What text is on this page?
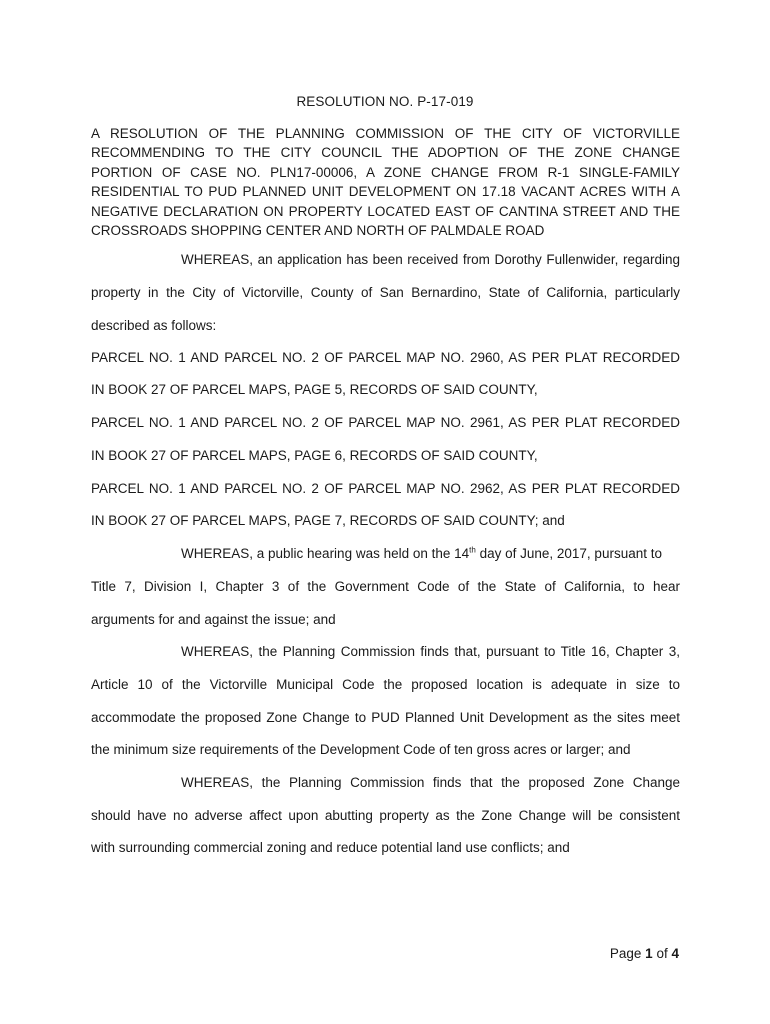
RESOLUTION NO. P-17-019
A RESOLUTION OF THE PLANNING COMMISSION OF THE CITY OF VICTORVILLE RECOMMENDING TO THE CITY COUNCIL THE ADOPTION OF THE ZONE CHANGE PORTION OF CASE NO. PLN17-00006, A ZONE CHANGE FROM R-1 SINGLE-FAMILY RESIDENTIAL TO PUD PLANNED UNIT DEVELOPMENT ON 17.18 VACANT ACRES WITH A NEGATIVE DECLARATION ON PROPERTY LOCATED EAST OF CANTINA STREET AND THE CROSSROADS SHOPPING CENTER AND NORTH OF PALMDALE ROAD
WHEREAS, an application has been received from Dorothy Fullenwider, regarding
property in the City of Victorville, County of San Bernardino, State of California, particularly
described as follows:
PARCEL NO. 1 AND PARCEL NO. 2 OF PARCEL MAP NO. 2960, AS PER PLAT RECORDED
IN BOOK 27 OF PARCEL MAPS, PAGE 5, RECORDS OF SAID COUNTY,
PARCEL NO. 1 AND PARCEL NO. 2 OF PARCEL MAP NO. 2961, AS PER PLAT RECORDED
IN BOOK 27 OF PARCEL MAPS, PAGE 6, RECORDS OF SAID COUNTY,
PARCEL NO. 1 AND PARCEL NO. 2 OF PARCEL MAP NO. 2962, AS PER PLAT RECORDED
IN BOOK 27 OF PARCEL MAPS, PAGE 7, RECORDS OF SAID COUNTY; and
WHEREAS, a public hearing was held on the 14th day of June, 2017, pursuant to
Title 7, Division I, Chapter 3 of the Government Code of the State of California, to hear
arguments for and against the issue; and
WHEREAS, the Planning Commission finds that, pursuant to Title 16, Chapter 3,
Article 10 of the Victorville Municipal Code the proposed location is adequate in size to
accommodate the proposed Zone Change to PUD Planned Unit Development as the sites meet
the minimum size requirements of the Development Code of ten gross acres or larger; and
WHEREAS, the Planning Commission finds that the proposed Zone Change
should have no adverse affect upon abutting property as the Zone Change will be consistent
with surrounding commercial zoning and reduce potential land use conflicts; and
Page 1 of 4
